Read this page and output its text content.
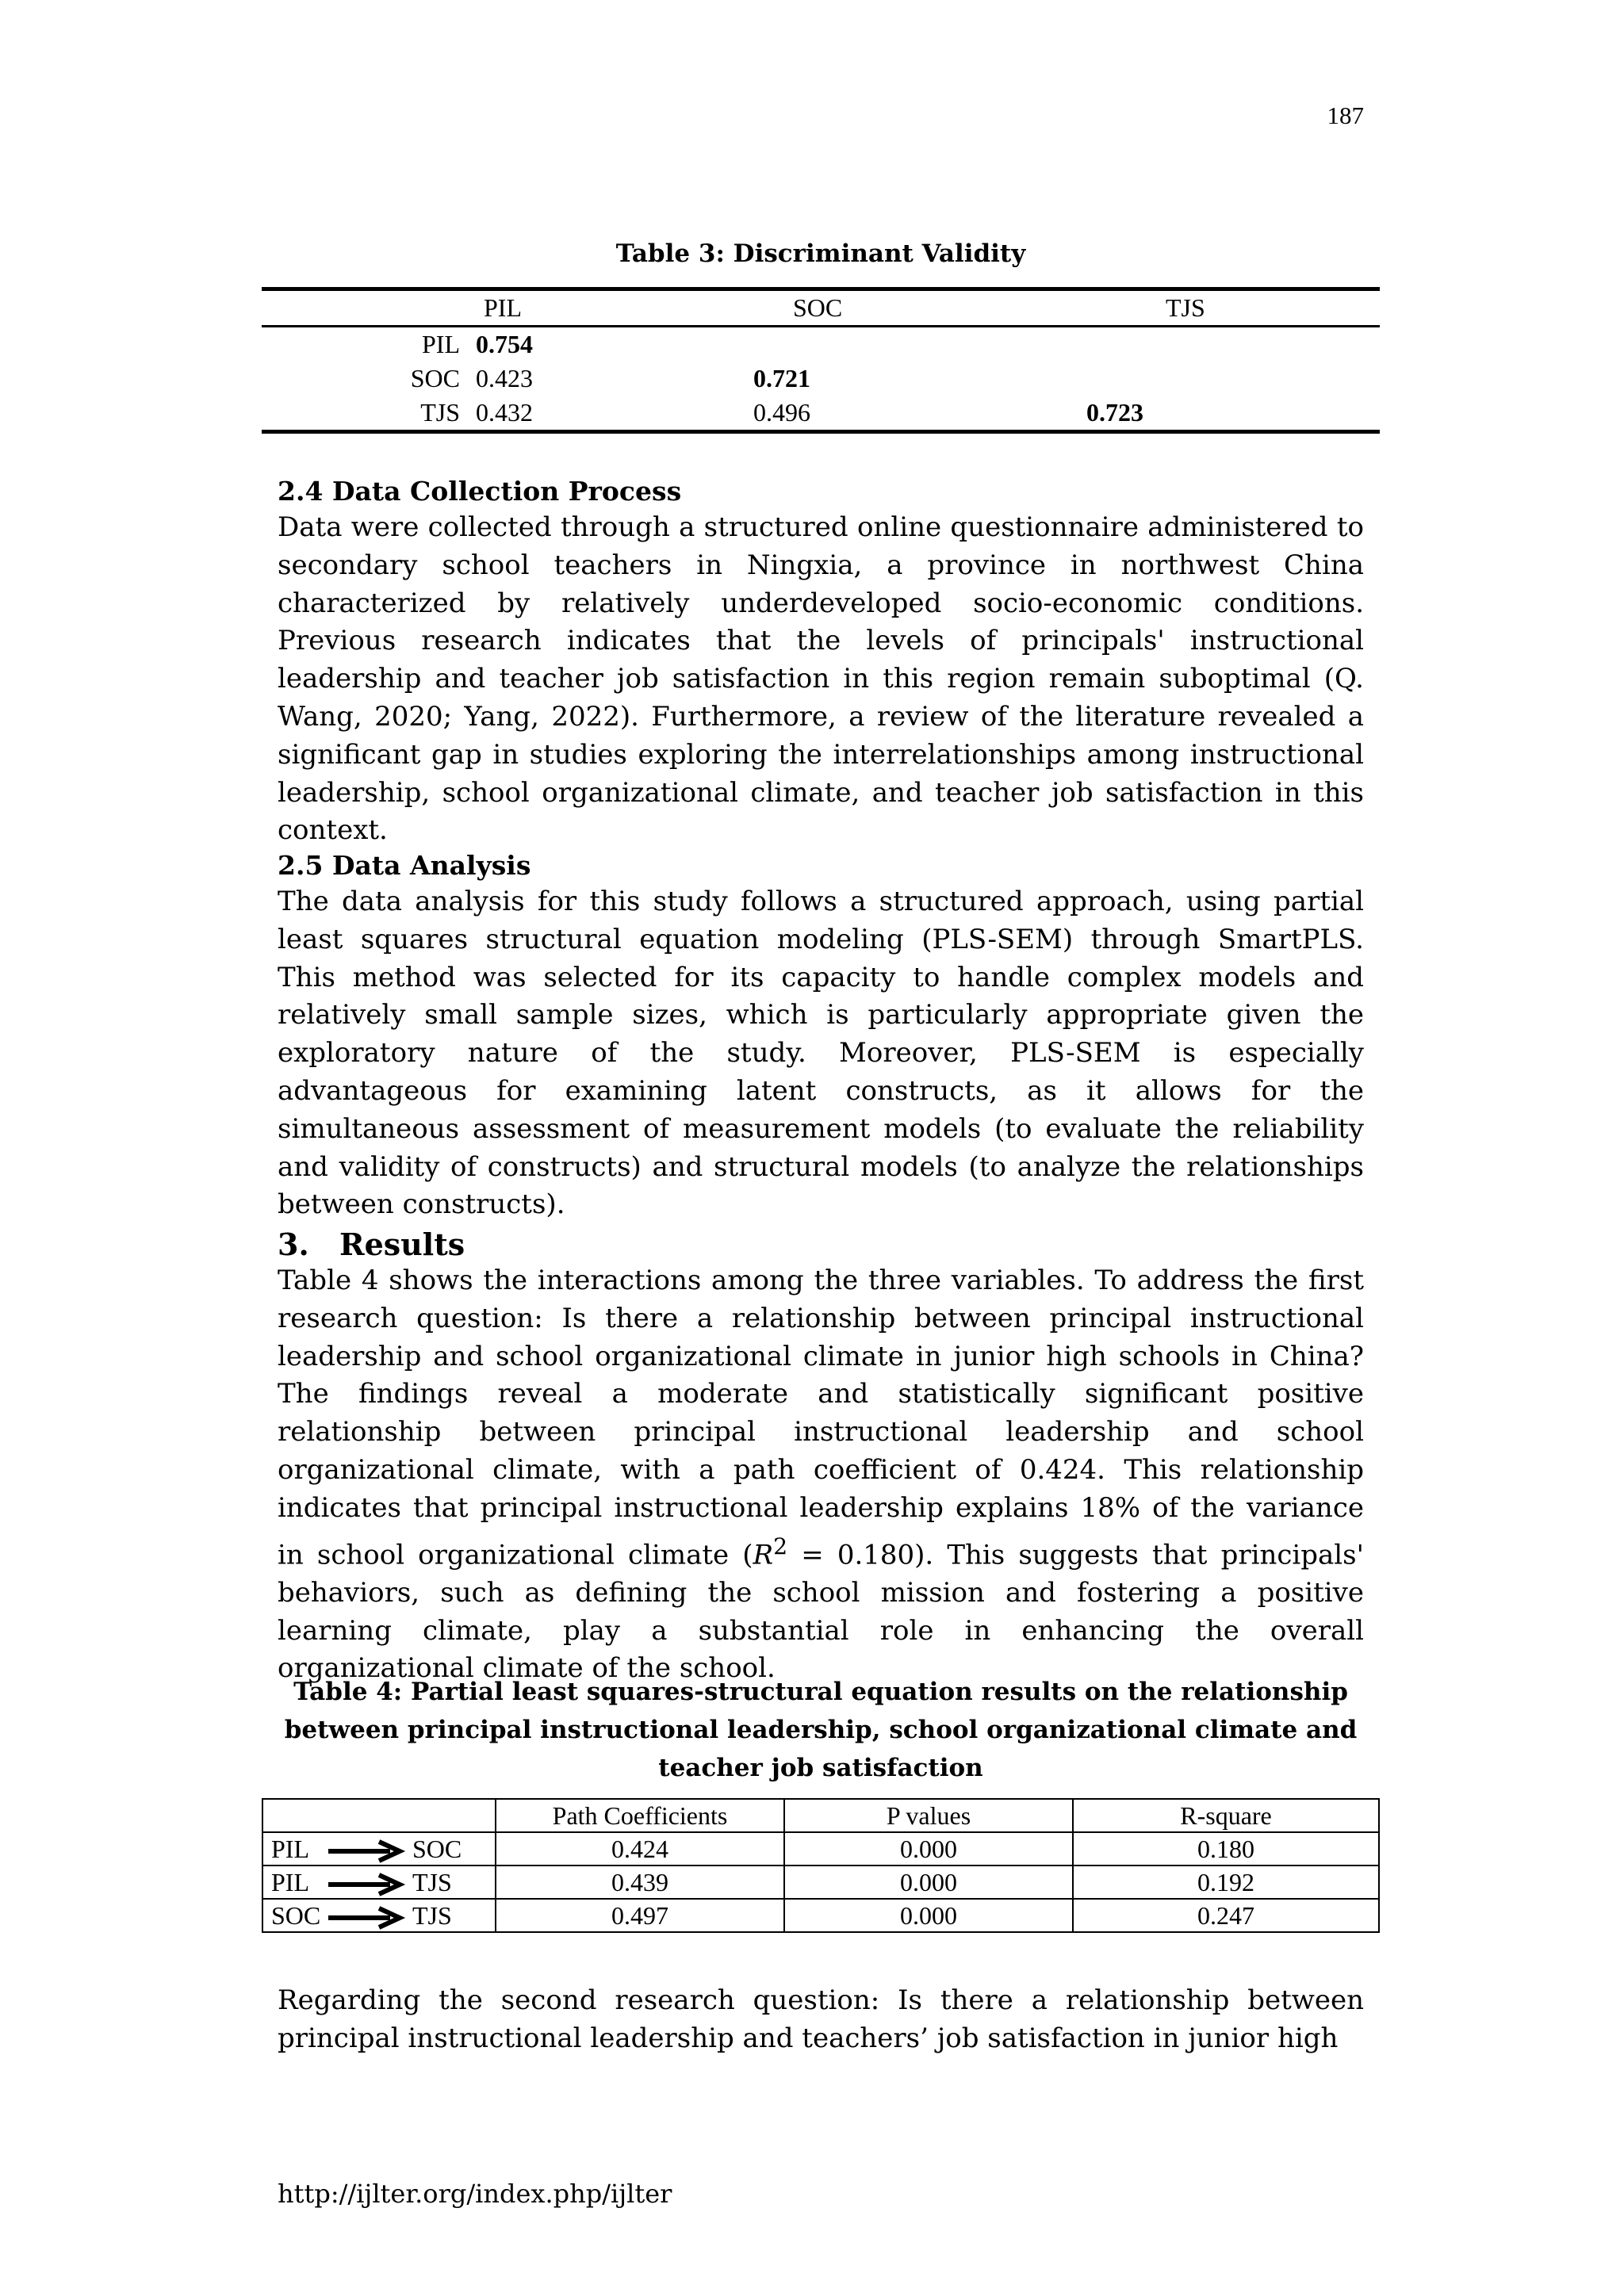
187
Table 3: Discriminant Validity
	PIL	SOC	TJS
PIL	0.754		
SOC	0.423	0.721	
TJS	0.432	0.496	0.723
2.4 Data Collection Process

Data were collected through a structured online questionnaire administered to secondary school teachers in Ningxia, a province in northwest China characterized by relatively underdeveloped socio-economic conditions. Previous research indicates that the levels of principals' instructional leadership and teacher job satisfaction in this region remain suboptimal (Q. Wang, 2020; Yang, 2022). Furthermore, a review of the literature revealed a significant gap in studies exploring the interrelationships among instructional leadership, school organizational climate, and teacher job satisfaction in this context.

2.5 Data Analysis

The data analysis for this study follows a structured approach, using partial least squares structural equation modeling (PLS-SEM) through SmartPLS. This method was selected for its capacity to handle complex models and relatively small sample sizes, which is particularly appropriate given the exploratory nature of the study. Moreover, PLS-SEM is especially advantageous for examining latent constructs, as it allows for the simultaneous assessment of measurement models (to evaluate the reliability and validity of constructs) and structural models (to analyze the relationships between constructs).

3. Results

Table 4 shows the interactions among the three variables. To address the first research question: Is there a relationship between principal instructional leadership and school organizational climate in junior high schools in China? The findings reveal a moderate and statistically significant positive relationship between principal instructional leadership and school organizational climate, with a path coefficient of 0.424. This relationship indicates that principal instructional leadership explains 18% of the variance in school organizational climate $(R^2 = 0.180)$. This suggests that principals' behaviors, such as defining the school mission and fostering a positive learning climate, play a substantial role in enhancing the overall organizational climate of the school.

Table 4: Partial least squares-structural equation results on the relationship between principal instructional leadership, school organizational climate and teacher job satisfaction
	Path Coefficients	P values	R-square
PIL SOC	0.424	0.000	0.180
PIL TJS	0.439	0.000	0.192
SOC TJS	0.497	0.000	0.247

Regarding the second research question: Is there a relationship between principal instructional leadership and teachers’ job satisfaction in junior high

http://ijlter.org/index.php/ijlter
